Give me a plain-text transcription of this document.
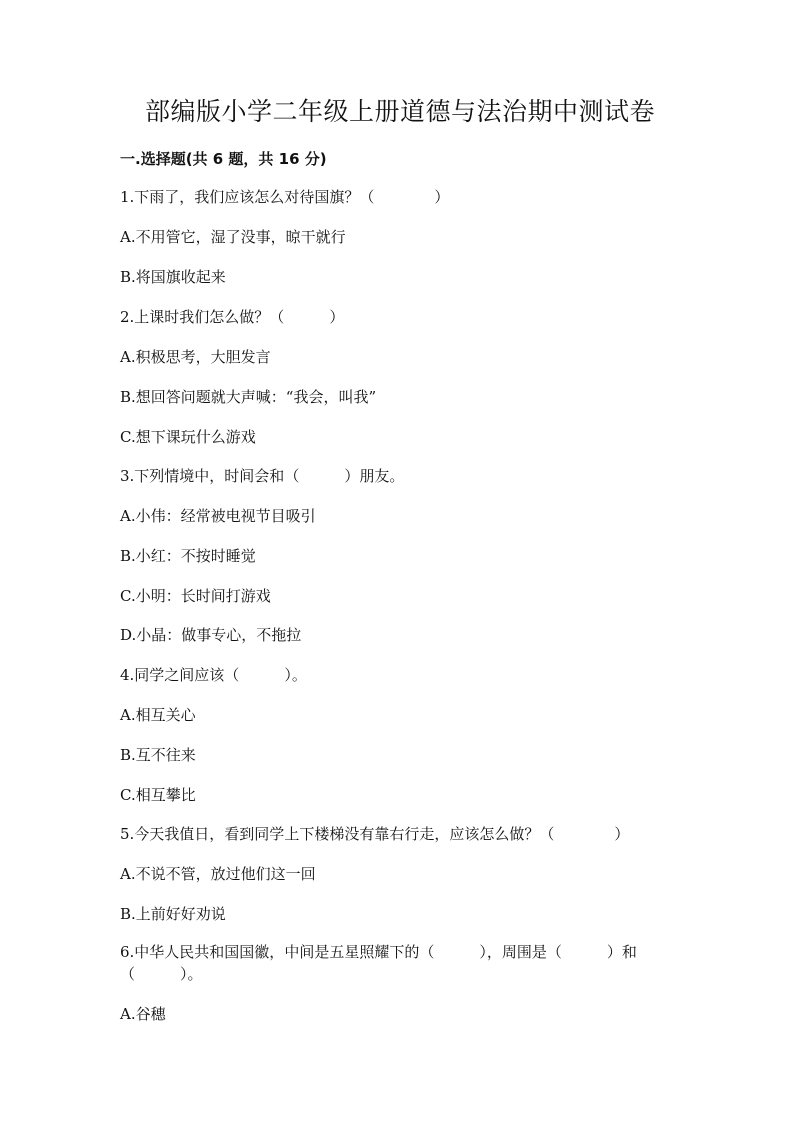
部编版小学二年级上册道德与法治期中测试卷
一.选择题(共 6 题，共 16 分)
1.下雨了，我们应该怎么对待国旗？（　　　　）
A.不用管它，湿了没事，晾干就行
B.将国旗收起来
2.上课时我们怎么做？（　　　）
A.积极思考，大胆发言
B.想回答问题就大声喊：“我会，叫我”
C.想下课玩什么游戏
3.下列情境中，时间会和（　　　）朋友。
A.小伟：经常被电视节目吸引
B.小红：不按时睡觉
C.小明：长时间打游戏
D.小晶：做事专心，不拖拉
4.同学之间应该（　　　）。
A.相互关心
B.互不往来
C.相互攀比
5.今天我值日，看到同学上下楼梯没有靠右行走，应该怎么做？（　　　　）
A.不说不管，放过他们这一回
B.上前好好劝说
6.中华人民共和国国徽，中间是五星照耀下的（　　　），周围是（　　　）和（　　　）。
A.谷穗
